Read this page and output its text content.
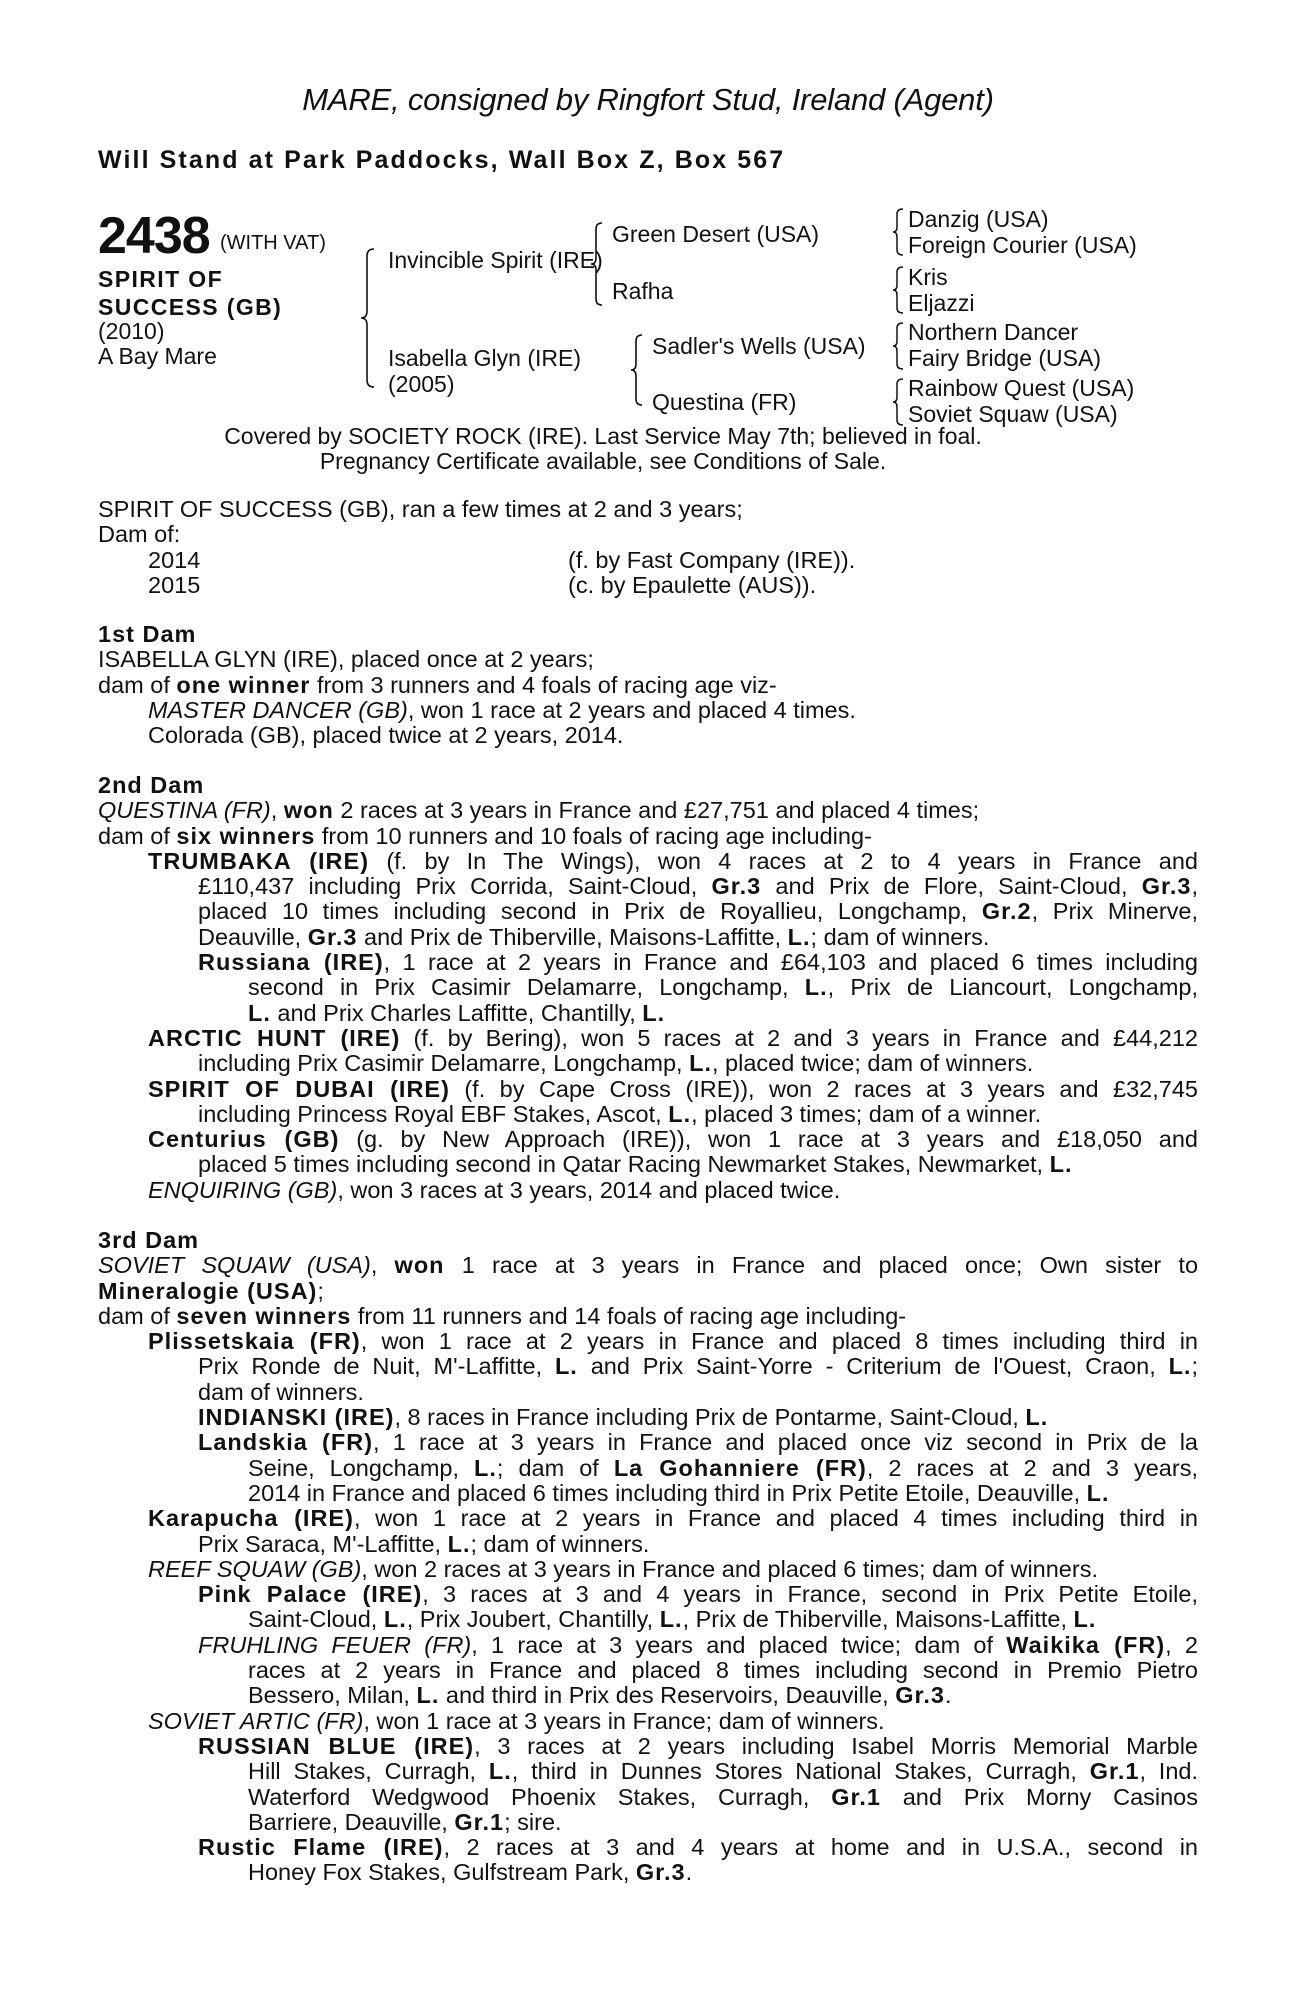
MARE, consigned by Ringfort Stud, Ireland (Agent)
Will Stand at Park Paddocks, Wall Box Z, Box 567
2438 (WITH VAT)
SPIRIT OF
SUCCESS (GB)
(2010)
A Bay Mare
Invincible Spirit (IRE)
Isabella Glyn (IRE)
(2005)
Green Desert (USA)
Rafha
Sadler's Wells (USA)
Questina (FR)
Danzig (USA)
Foreign Courier (USA)
Kris
Eljazzi
Northern Dancer
Fairy Bridge (USA)
Rainbow Quest (USA)
Soviet Squaw (USA)
Covered by SOCIETY ROCK (IRE). Last Service May 7th; believed in foal.
Pregnancy Certificate available, see Conditions of Sale.
SPIRIT OF SUCCESS (GB), ran a few times at 2 and 3 years;
Dam of:
2014	(f. by Fast Company (IRE)).
2015	(c. by Epaulette (AUS)).
1st Dam
ISABELLA GLYN (IRE), placed once at 2 years;
dam of one winner from 3 runners and 4 foals of racing age viz-
MASTER DANCER (GB), won 1 race at 2 years and placed 4 times.
Colorada (GB), placed twice at 2 years, 2014.
2nd Dam
QUESTINA (FR), won 2 races at 3 years in France and £27,751 and placed 4 times;
dam of six winners from 10 runners and 10 foals of racing age including-
TRUMBAKA (IRE) (f. by In The Wings), won 4 races at 2 to 4 years in France and
£110,437 including Prix Corrida, Saint-Cloud, Gr.3 and Prix de Flore, Saint-Cloud, Gr.3,
placed 10 times including second in Prix de Royallieu, Longchamp, Gr.2, Prix Minerve,
Deauville, Gr.3 and Prix de Thiberville, Maisons-Laffitte, L.; dam of winners.
Russiana (IRE), 1 race at 2 years in France and £64,103 and placed 6 times including
second in Prix Casimir Delamarre, Longchamp, L., Prix de Liancourt, Longchamp,
L. and Prix Charles Laffitte, Chantilly, L.
ARCTIC HUNT (IRE) (f. by Bering), won 5 races at 2 and 3 years in France and £44,212
including Prix Casimir Delamarre, Longchamp, L., placed twice; dam of winners.
SPIRIT OF DUBAI (IRE) (f. by Cape Cross (IRE)), won 2 races at 3 years and £32,745
including Princess Royal EBF Stakes, Ascot, L., placed 3 times; dam of a winner.
Centurius (GB) (g. by New Approach (IRE)), won 1 race at 3 years and £18,050 and
placed 5 times including second in Qatar Racing Newmarket Stakes, Newmarket, L.
ENQUIRING (GB), won 3 races at 3 years, 2014 and placed twice.
3rd Dam
SOVIET SQUAW (USA), won 1 race at 3 years in France and placed once; Own sister to
Mineralogie (USA);
dam of seven winners from 11 runners and 14 foals of racing age including-
Plissetskaia (FR), won 1 race at 2 years in France and placed 8 times including third in
Prix Ronde de Nuit, M'-Laffitte, L. and Prix Saint-Yorre - Criterium de l'Ouest, Craon, L.;
dam of winners.
INDIANSKI (IRE), 8 races in France including Prix de Pontarme, Saint-Cloud, L.
Landskia (FR), 1 race at 3 years in France and placed once viz second in Prix de la
Seine, Longchamp, L.; dam of La Gohanniere (FR), 2 races at 2 and 3 years,
2014 in France and placed 6 times including third in Prix Petite Etoile, Deauville, L.
Karapucha (IRE), won 1 race at 2 years in France and placed 4 times including third in
Prix Saraca, M'-Laffitte, L.; dam of winners.
REEF SQUAW (GB), won 2 races at 3 years in France and placed 6 times; dam of winners.
Pink Palace (IRE), 3 races at 3 and 4 years in France, second in Prix Petite Etoile,
Saint-Cloud, L., Prix Joubert, Chantilly, L., Prix de Thiberville, Maisons-Laffitte, L.
FRUHLING FEUER (FR), 1 race at 3 years and placed twice; dam of Waikika (FR), 2
races at 2 years in France and placed 8 times including second in Premio Pietro
Bessero, Milan, L. and third in Prix des Reservoirs, Deauville, Gr.3.
SOVIET ARTIC (FR), won 1 race at 3 years in France; dam of winners.
RUSSIAN BLUE (IRE), 3 races at 2 years including Isabel Morris Memorial Marble
Hill Stakes, Curragh, L., third in Dunnes Stores National Stakes, Curragh, Gr.1, Ind.
Waterford Wedgwood Phoenix Stakes, Curragh, Gr.1 and Prix Morny Casinos
Barriere, Deauville, Gr.1; sire.
Rustic Flame (IRE), 2 races at 3 and 4 years at home and in U.S.A., second in
Honey Fox Stakes, Gulfstream Park, Gr.3.
